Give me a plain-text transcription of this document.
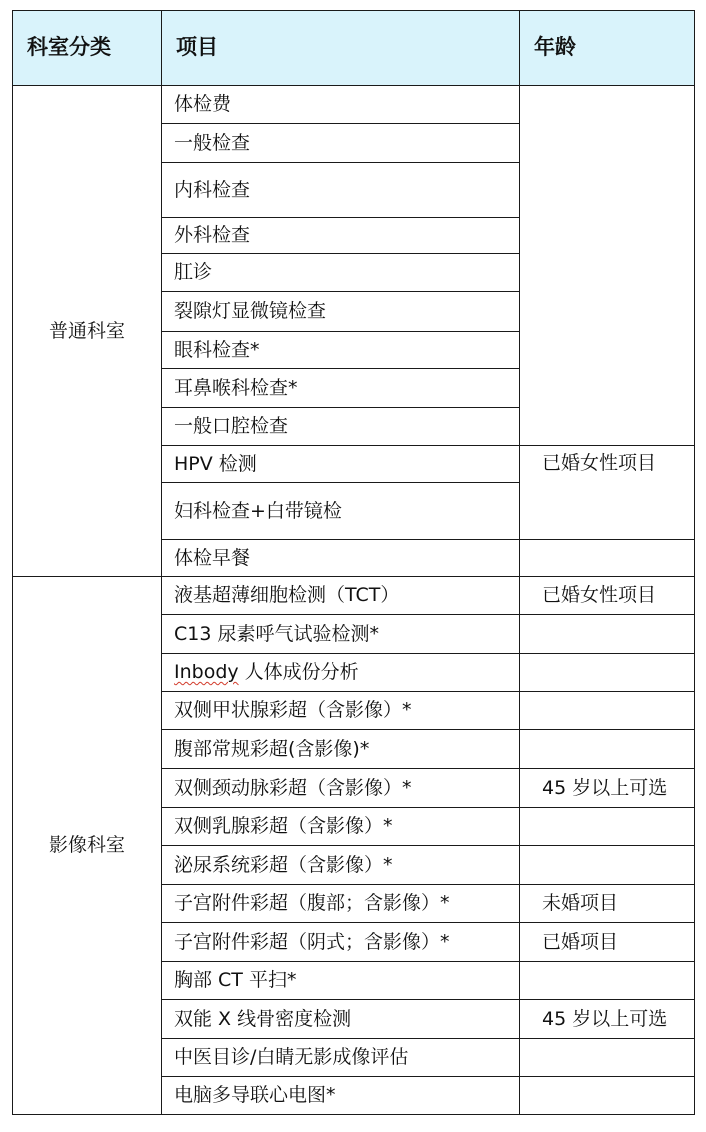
科室分类	项目	年龄
普通科室	体检费	
	一般检查	
	内科检查	
	外科检查	
	肛诊	
	裂隙灯显微镜检查	
	眼科检查*	
	耳鼻喉科检查*	
	一般口腔检查	
	HPV 检测	已婚女性项目
	妇科检查+白带镜检	
	体检早餐	
影像科室	液基超薄细胞检测（TCT）	已婚女性项目
	C13 尿素呼气试验检测*	
	Inbody 人体成份分析	
	双侧甲状腺彩超（含影像）*	
	腹部常规彩超(含影像)*	
	双侧颈动脉彩超（含影像）*	45 岁以上可选
	双侧乳腺彩超（含影像）*	
	泌尿系统彩超（含影像）*	
	子宫附件彩超（腹部；含影像）*	未婚项目
	子宫附件彩超（阴式；含影像）*	已婚项目
	胸部 CT 平扫*	
	双能 X 线骨密度检测	45 岁以上可选
	中医目诊/白睛无影成像评估	
	电脑多导联心电图*	
